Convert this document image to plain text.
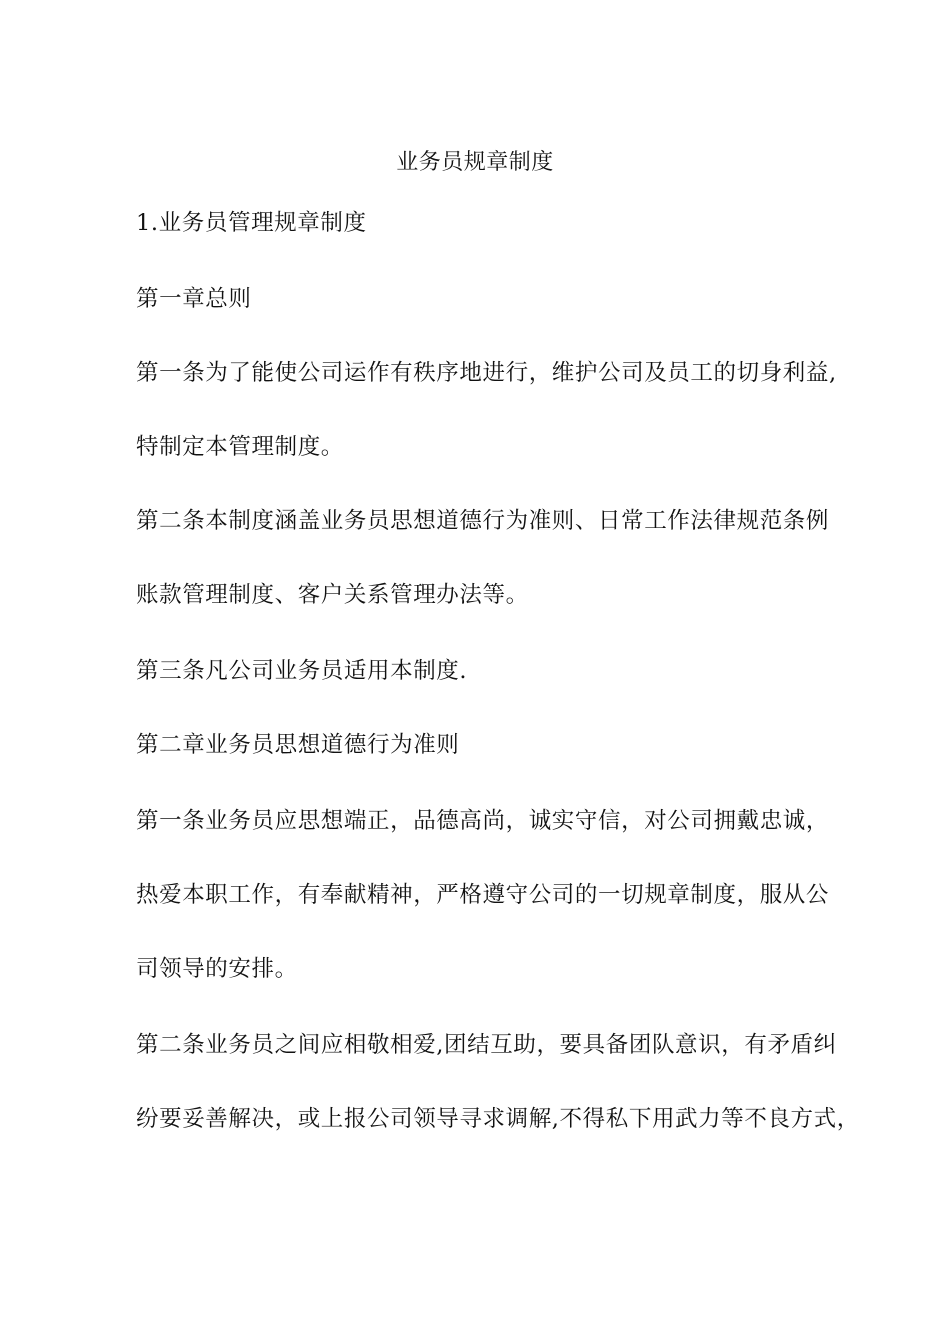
业务员规章制度
1.业务员管理规章制度
第一章总则
第一条为了能使公司运作有秩序地进行，维护公司及员工的切身利益,
特制定本管理制度。
第二条本制度涵盖业务员思想道德行为准则、日常工作法律规范条例
账款管理制度、客户关系管理办法等。
第三条凡公司业务员适用本制度.
第二章业务员思想道德行为准则
第一条业务员应思想端正，品德高尚，诚实守信，对公司拥戴忠诚，
热爱本职工作，有奉献精神，严格遵守公司的一切规章制度，服从公
司领导的安排。
第二条业务员之间应相敬相爱,团结互助，要具备团队意识，有矛盾纠
纷要妥善解决，或上报公司领导寻求调解,不得私下用武力等不良方式，
